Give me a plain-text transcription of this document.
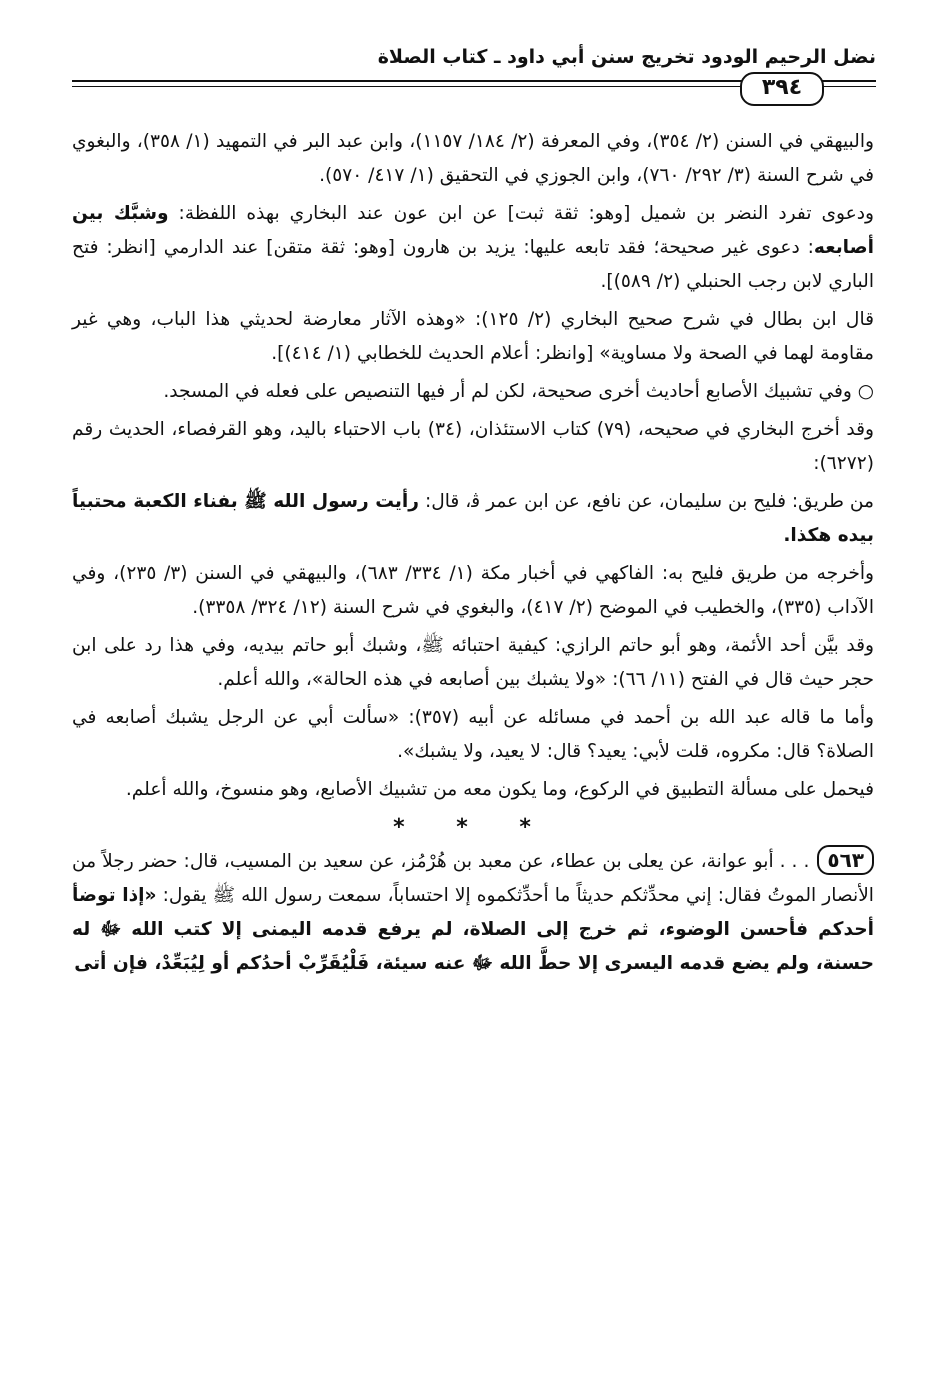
نضل الرحيم الودود تخريج سنن أبي داود ـ كتاب الصلاة
٣٩٤

والبيهقي في السنن (٢/ ٣٥٤)، وفي المعرفة (٢/ ١٨٤/ ١١٥٧)، وابن عبد البر في التمهيد (١/ ٣٥٨)، والبغوي في شرح السنة (٣/ ٢٩٢/ ٧٦٠)، وابن الجوزي في التحقيق (١/ ٤١٧/ ٥٧٠).

ودعوى تفرد النضر بن شميل [وهو: ثقة ثبت] عن ابن عون عند البخاري بهذه اللفظة: وشبَّك بين أصابعه: دعوى غير صحيحة؛ فقد تابعه عليها: يزيد بن هارون [وهو: ثقة متقن] عند الدارمي [انظر: فتح الباري لابن رجب الحنبلي (٢/ ٥٨٩)].

قال ابن بطال في شرح صحيح البخاري (٢/ ١٢٥): «وهذه الآثار معارضة لحديثي هذا الباب، وهي غير مقاومة لهما في الصحة ولا مساوية» [وانظر: أعلام الحديث للخطابي (١/ ٤١٤)].

○ وفي تشبيك الأصابع أحاديث أخرى صحيحة، لكن لم أر فيها التنصيص على فعله في المسجد.

وقد أخرج البخاري في صحيحه، (٧٩) كتاب الاستئذان، (٣٤) باب الاحتباء باليد، وهو القرفصاء، الحديث رقم (٦٢٧٢):

من طريق: فليح بن سليمان، عن نافع، عن ابن عمر ﭬ، قال: رأيت رسول الله ﷺ بفناء الكعبة محتبياً بيده هكذا.

وأخرجه من طريق فليح به: الفاكهي في أخبار مكة (١/ ٣٣٤/ ٦٨٣)، والبيهقي في السنن (٣/ ٢٣٥)، وفي الآداب (٣٣٥)، والخطيب في الموضح (٢/ ٤١٧)، والبغوي في شرح السنة (١٢/ ٣٢٤/ ٣٣٥٨).

وقد بيَّن أحد الأئمة، وهو أبو حاتم الرازي: كيفية احتبائه ﷺ، وشبك أبو حاتم بيديه، وفي هذا رد على ابن حجر حيث قال في الفتح (١١/ ٦٦): «ولا يشبك بين أصابعه في هذه الحالة»، والله أعلم.

وأما ما قاله عبد الله بن أحمد في مسائله عن أبيه (٣٥٧): «سألت أبي عن الرجل يشبك أصابعه في الصلاة؟ قال: مكروه، قلت لأبي: يعيد؟ قال: لا يعيد، ولا يشبك».

فيحمل على مسألة التطبيق في الركوع، وما يكون معه من تشبيك الأصابع، وهو منسوخ، والله أعلم.

* * *

٥٦٣. . . أبو عوانة، عن يعلى بن عطاء، عن معبد بن هُرْمُز، عن سعيد بن المسيب، قال: حضر رجلاً من الأنصار الموتُ فقال: إني محدِّثكم حديثاً ما أحدِّثكموه إلا احتساباً، سمعت رسول الله ﷺ يقول: «إذا توضأ أحدكم فأحسن الوضوء، ثم خرج إلى الصلاة، لم يرفع قدمه اليمنى إلا كتب الله ﷻ له حسنة، ولم يضع قدمه اليسرى إلا حطَّ الله ﷻ عنه سيئة، فَلْيُقَرِّبْ أحدُكم أو لِيُبَعِّدْ، فإن أتى
